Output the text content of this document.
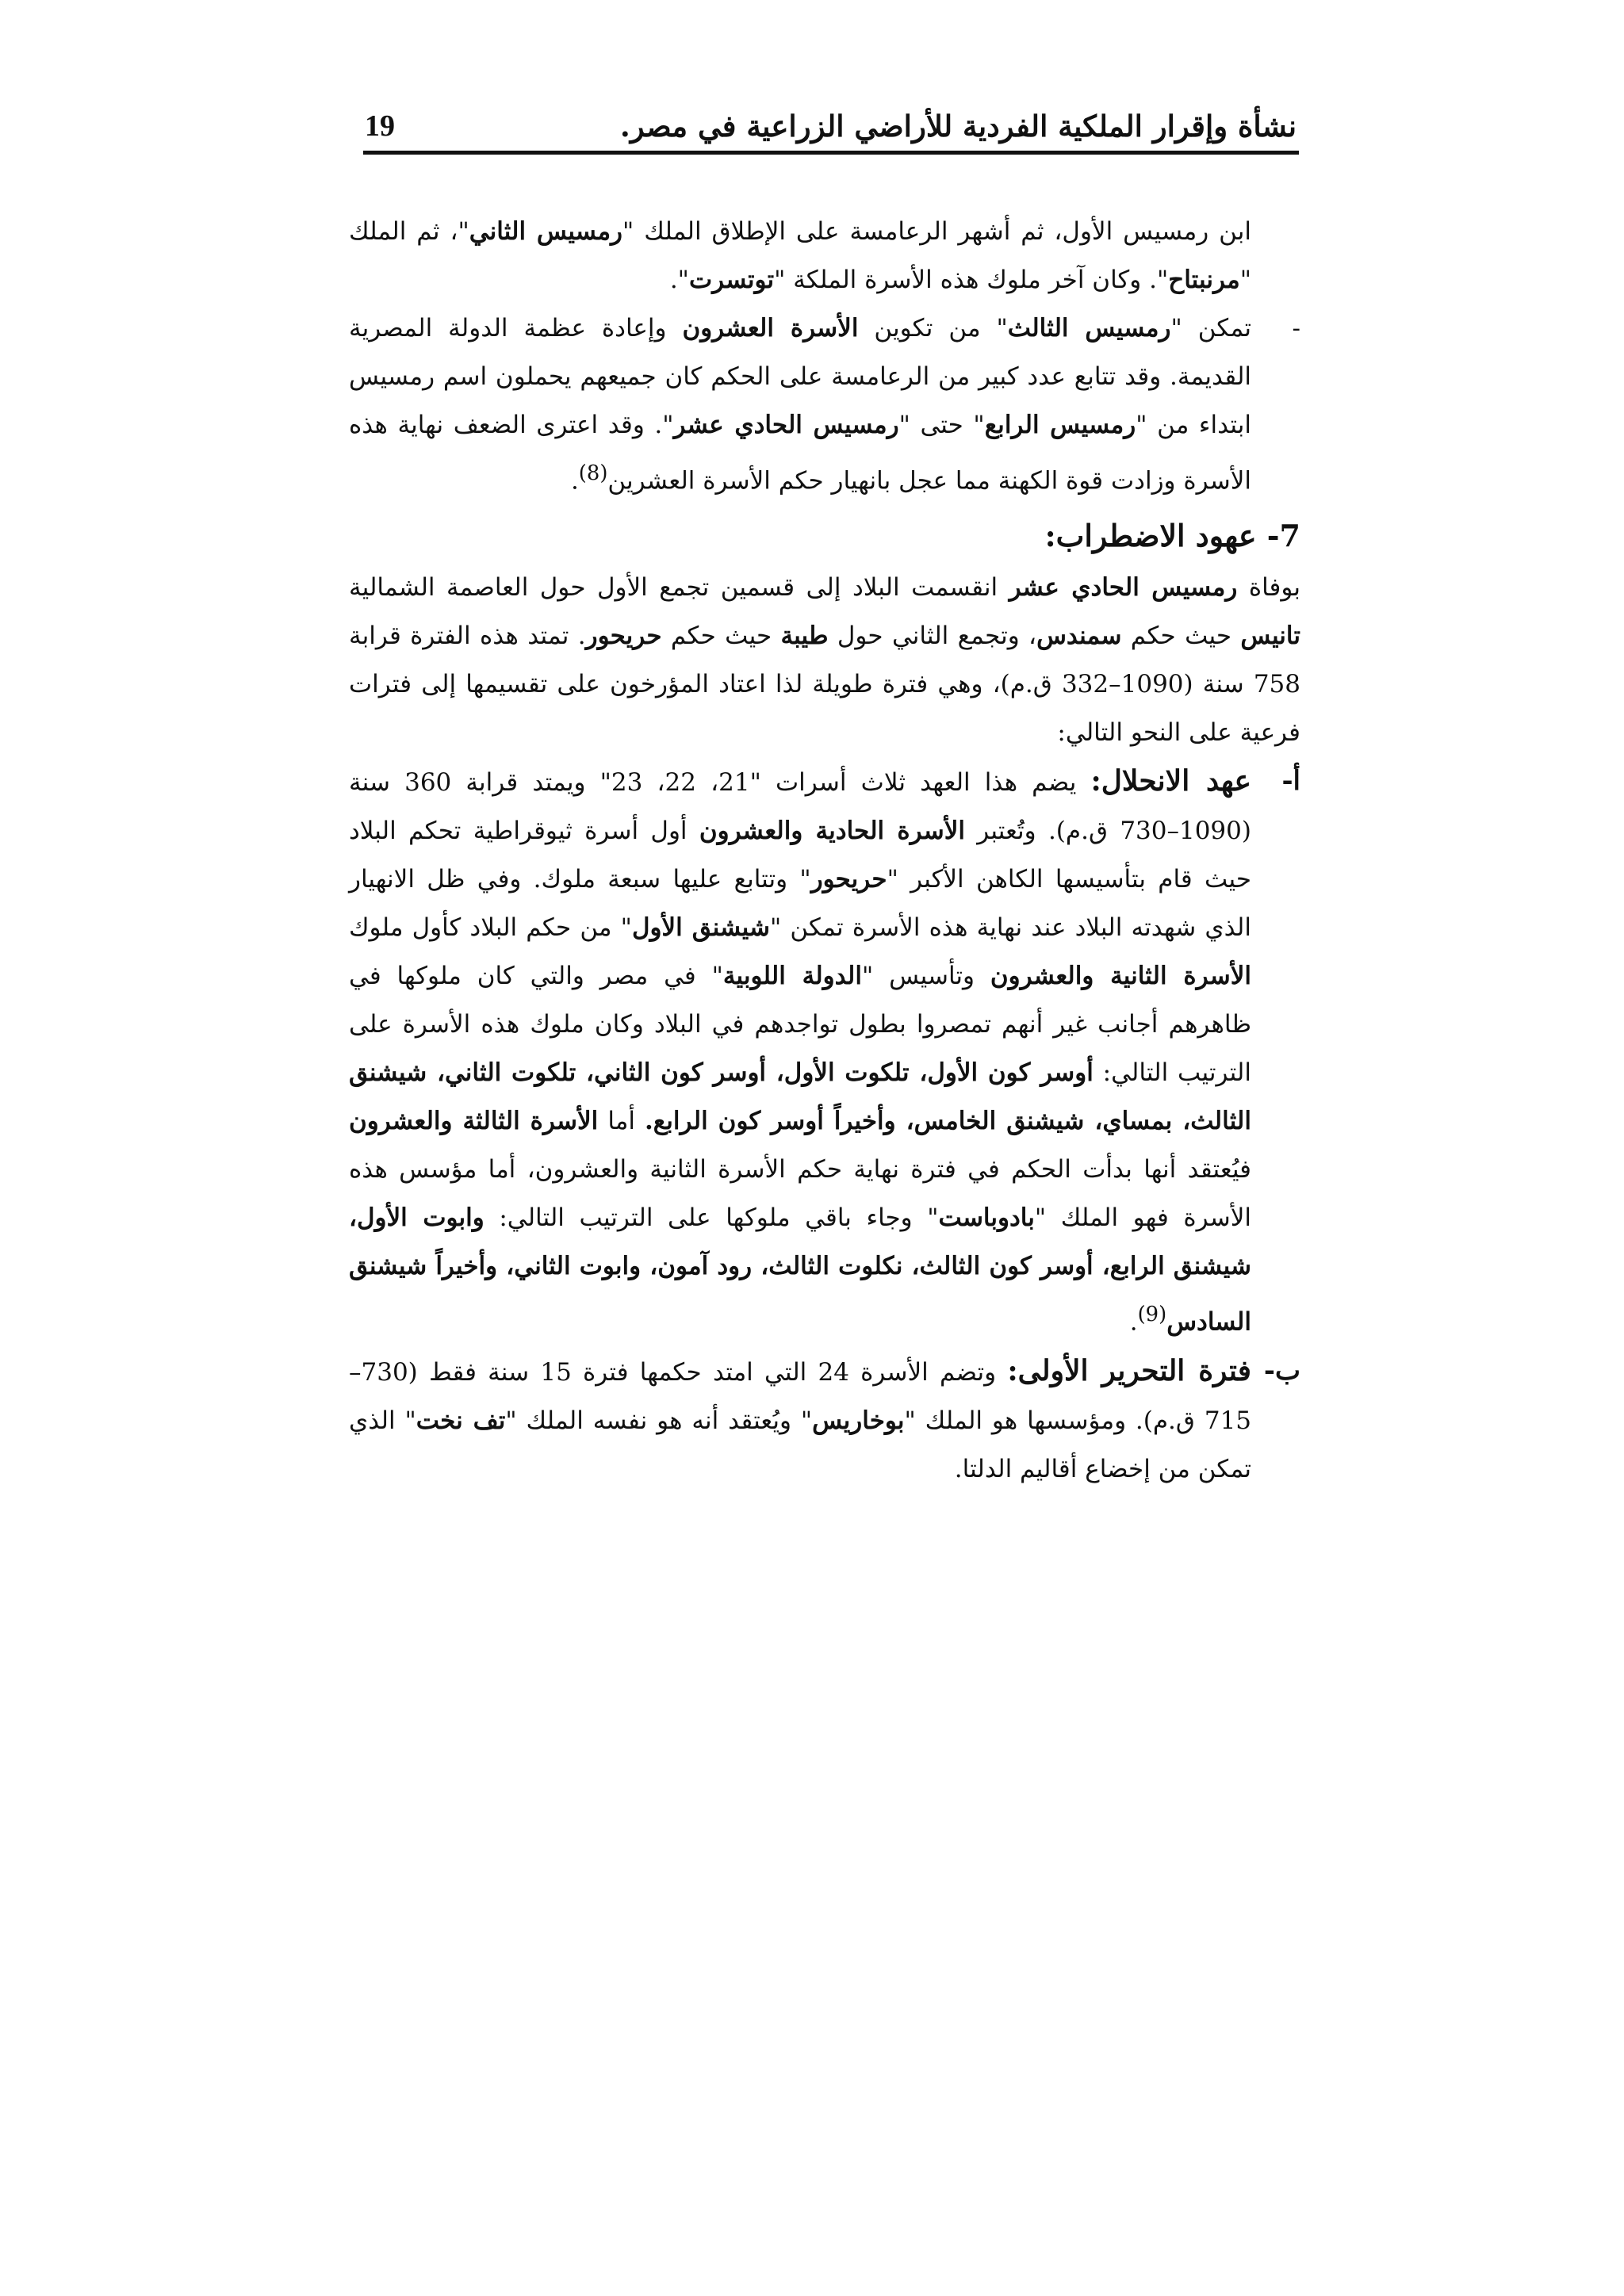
نشأة وإقرار الملكية الفردية للأراضي الزراعية في مصر.
19

ابن رمسيس الأول، ثم أشهر الرعامسة على الإطلاق الملك "رمسيس الثاني"، ثم الملك "مرنبتاح". وكان آخر ملوك هذه الأسرة الملكة "توتسرت".

-
تمكن "رمسيس الثالث" من تكوين الأسرة العشرون وإعادة عظمة الدولة المصرية القديمة. وقد تتابع عدد كبير من الرعامسة على الحكم كان جميعهم يحملون اسم رمسيس ابتداء من "رمسيس الرابع" حتى "رمسيس الحادي عشر". وقد اعترى الضعف نهاية هذه الأسرة وزادت قوة الكهنة مما عجل بانهيار حكم الأسرة العشرين$^{(8)}$.

7- عهود الاضطراب:

بوفاة رمسيس الحادي عشر انقسمت البلاد إلى قسمين تجمع الأول حول العاصمة الشمالية تانيس حيث حكم سمندس، وتجمع الثاني حول طيبة حيث حكم حريحور. تمتد هذه الفترة قرابة 758 سنة (1090–332 ق.م)، وهي فترة طويلة لذا اعتاد المؤرخون على تقسيمها إلى فترات فرعية على النحو التالي:

أ-
عهد الانحلال: يضم هذا العهد ثلاث أسرات "21، 22، 23" ويمتد قرابة 360 سنة (1090–730 ق.م). وتُعتبر الأسرة الحادية والعشرون أول أسرة ثيوقراطية تحكم البلاد حيث قام بتأسيسها الكاهن الأكبر "حريحور" وتتابع عليها سبعة ملوك. وفي ظل الانهيار الذي شهدته البلاد عند نهاية هذه الأسرة تمكن "شيشنق الأول" من حكم البلاد كأول ملوك الأسرة الثانية والعشرون وتأسيس "الدولة اللوبية" في مصر والتي كان ملوكها في ظاهرهم أجانب غير أنهم تمصروا بطول تواجدهم في البلاد وكان ملوك هذه الأسرة على الترتيب التالي: أوسر كون الأول، تلكوت الأول، أوسر كون الثاني، تلكوت الثاني، شيشنق الثالث، بمساي، شيشنق الخامس، وأخيراً أوسر كون الرابع. أما الأسرة الثالثة والعشرون فيُعتقد أنها بدأت الحكم في فترة نهاية حكم الأسرة الثانية والعشرون، أما مؤسس هذه الأسرة فهو الملك "بادوباست" وجاء باقي ملوكها على الترتيب التالي: وابوت الأول، شيشنق الرابع، أوسر كون الثالث، نكلوت الثالث، رود آمون، وابوت الثاني، وأخيراً شيشنق السادس$^{(9)}$.

ب-
فترة التحرير الأولى: وتضم الأسرة 24 التي امتد حكمها فترة 15 سنة فقط (730–715 ق.م). ومؤسسها هو الملك "بوخاريس" ويُعتقد أنه هو نفسه الملك "تف نخت" الذي تمكن من إخضاع أقاليم الدلتا.
